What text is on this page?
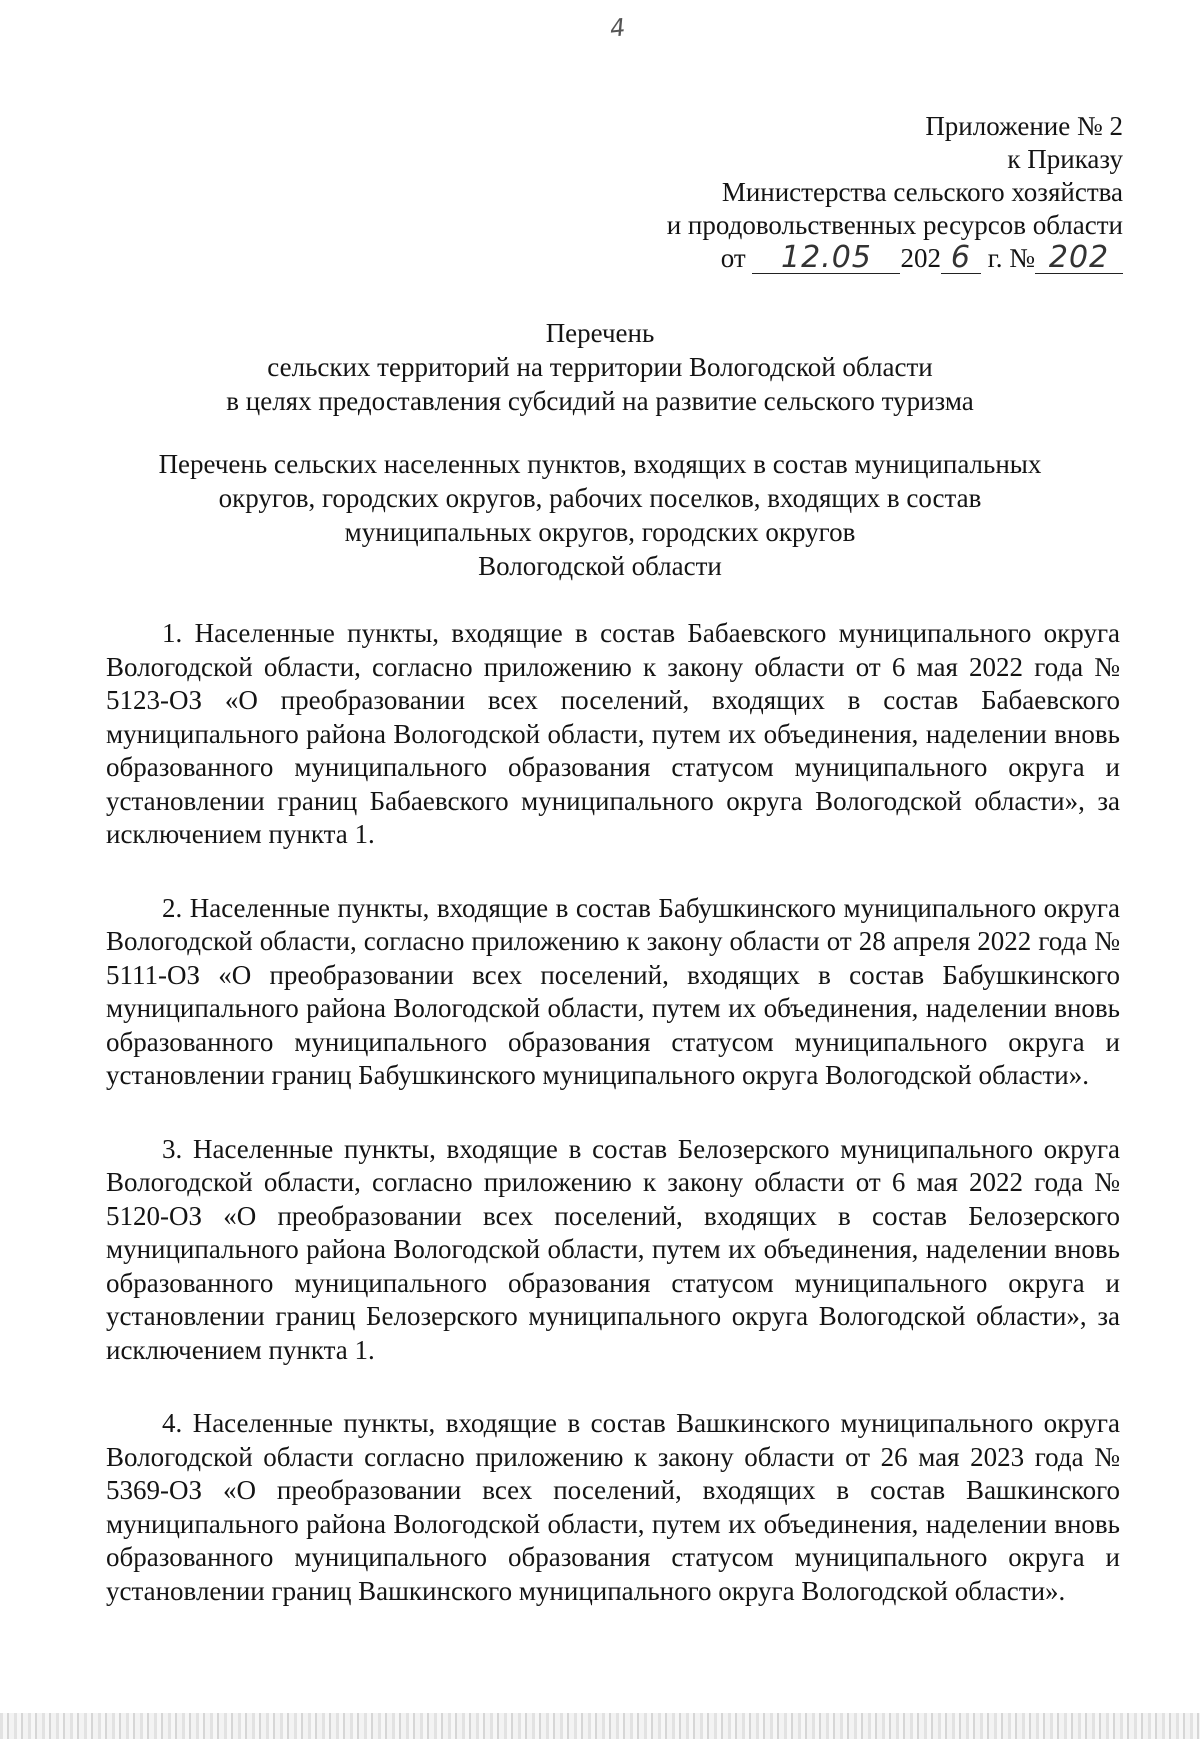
4
Приложение № 2
к Приказу
Министерства сельского хозяйства
и продовольственных ресурсов области
от 12.05 202 6 г. № 202
Перечень
сельских территорий на территории Вологодской области
в целях предоставления субсидий на развитие сельского туризма
Перечень сельских населенных пунктов, входящих в состав муниципальных
округов, городских округов, рабочих поселков, входящих в состав
муниципальных округов, городских округов
Вологодской области

1. Населенные пункты, входящие в состав Бабаевского муниципального округа Вологодской области, согласно приложению к закону области от 6 мая 2022 года № 5123-ОЗ «О преобразовании всех поселений, входящих в состав Бабаевского муниципального района Вологодской области, путем их объединения, наделении вновь образованного муниципального образования статусом муниципального округа и установлении границ Бабаевского муниципального округа Вологодской области», за исключением пункта 1.

2. Населенные пункты, входящие в состав Бабушкинского муниципального округа Вологодской области, согласно приложению к закону области от 28 апреля 2022 года № 5111-ОЗ «О преобразовании всех поселений, входящих в состав Бабушкинского муниципального района Вологодской области, путем их объединения, наделении вновь образованного муниципального образования статусом муниципального округа и установлении границ Бабушкинского муниципального округа Вологодской области».

3. Населенные пункты, входящие в состав Белозерского муниципального округа Вологодской области, согласно приложению к закону области от 6 мая 2022 года № 5120-ОЗ «О преобразовании всех поселений, входящих в состав Белозерского муниципального района Вологодской области, путем их объединения, наделении вновь образованного муниципального образования статусом муниципального округа и установлении границ Белозерского муниципального округа Вологодской области», за исключением пункта 1.

4. Населенные пункты, входящие в состав Вашкинского муниципального округа Вологодской области согласно приложению к закону области от 26 мая 2023 года № 5369-ОЗ «О преобразовании всех поселений, входящих в состав Вашкинского муниципального района Вологодской области, путем их объединения, наделении вновь образованного муниципального образования статусом муниципального округа и установлении границ Вашкинского муниципального округа Вологодской области».
